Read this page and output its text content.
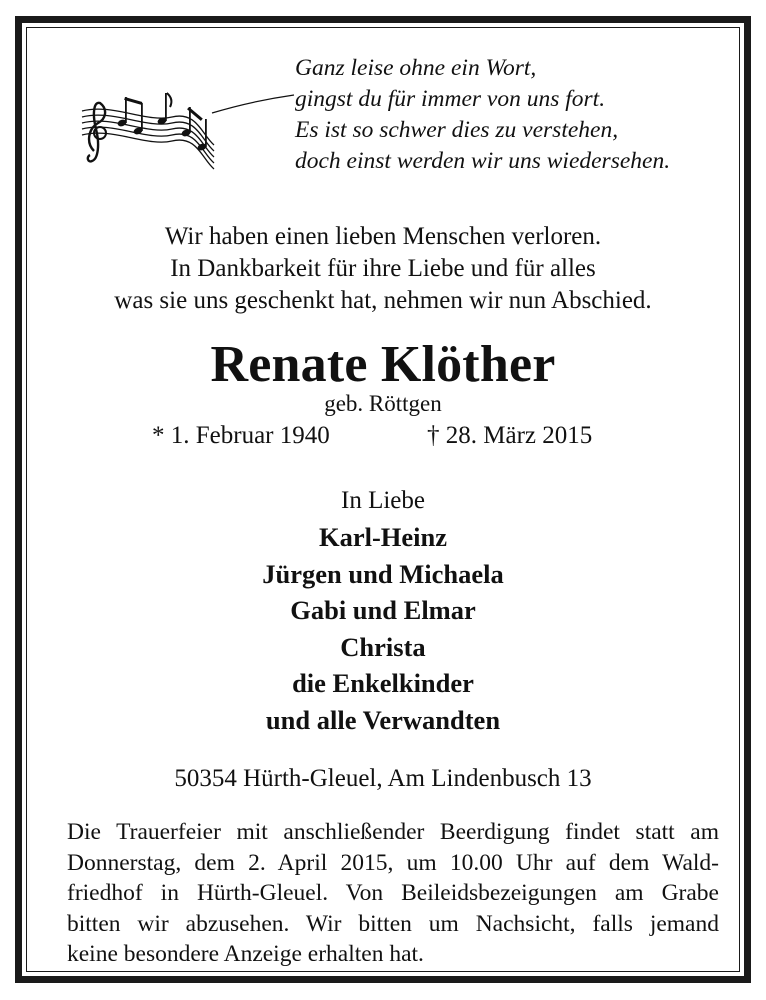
Ganz leise ohne ein Wort,
gingst du für immer von uns fort.
Es ist so schwer dies zu verstehen,
doch einst werden wir uns wiedersehen.
Wir haben einen lieben Menschen verloren.
In Dankbarkeit für ihre Liebe und für alles
was sie uns geschenkt hat, nehmen wir nun Abschied.
Renate Klöther
geb. Röttgen
* 1. Februar 1940	† 28. März 2015
In Liebe
Karl-Heinz
Jürgen und Michaela
Gabi und Elmar
Christa
die Enkelkinder
und alle Verwandten
50354 Hürth-Gleuel, Am Lindenbusch 13
Die Trauerfeier mit anschließender Beerdigung findet statt am
Donnerstag, dem 2. April 2015, um 10.00 Uhr auf dem Wald-
friedhof in Hürth-Gleuel. Von Beileidsbezeigungen am Grabe
bitten wir abzusehen. Wir bitten um Nachsicht, falls jemand
keine besondere Anzeige erhalten hat.
